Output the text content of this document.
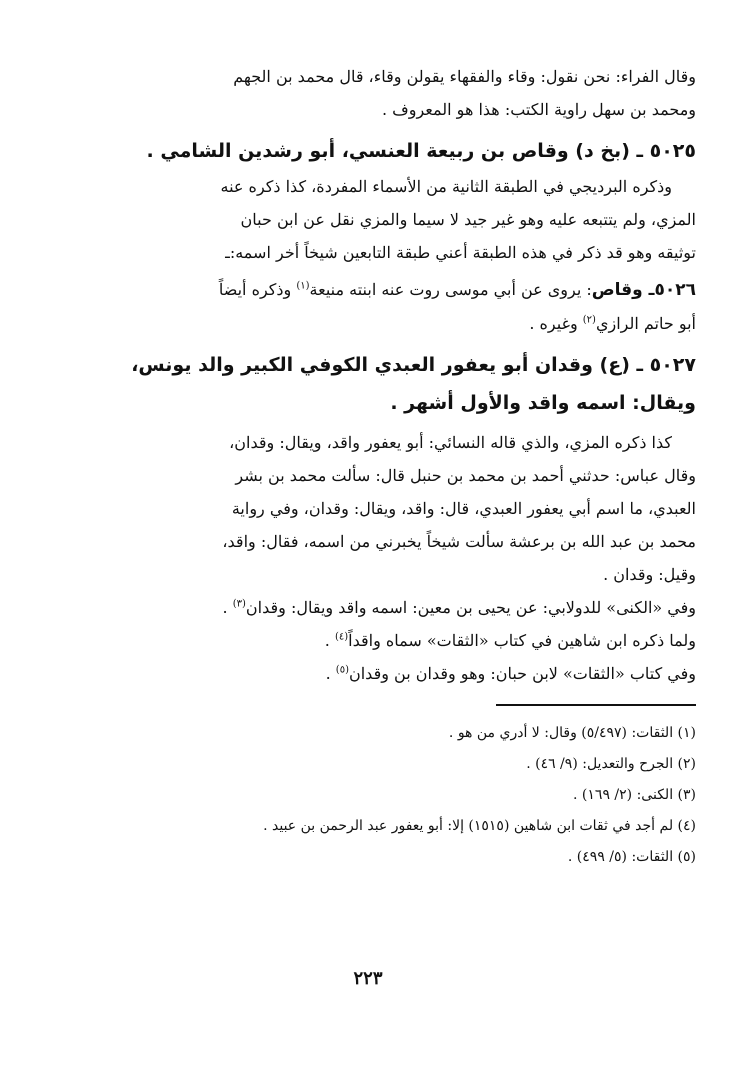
وقال الفراء: نحن نقول: وقاء والفقهاء يقولن وقاء، قال محمد بن الجهم
ومحمد بن سهل راوية الكتب: هذا هو المعروف .

٥٠٢٥ ـ (بخ د) وقاص بن ربيعة العنسي، أبو رشدين الشامي .

وذكره البرديجي في الطبقة الثانية من الأسماء المفردة، كذا ذكره عنه
المزي، ولم يتتبعه عليه وهو غير جيد لا سيما والمزي نقل عن ابن حبان
توثيقه وهو قد ذكر في هذه الطبقة أعني طبقة التابعين شيخاً أخر اسمه:ـ

٥٠٢٦ـ وقاص: يروى عن أبي موسى روت عنه ابنته منيعة$^{(١)}$ وذكره أيضاً
أبو حاتم الرازي$^{(٢)}$ وغيره .

٥٠٢٧ ـ (ع) وقدان أبو يعفور العبدي الكوفي الكبير والد يونس،
ويقال: اسمه واقد والأول أشهر .

كذا ذكره المزي، والذي قاله النسائي: أبو يعفور واقد، ويقال: وقدان،
وقال عباس: حدثني أحمد بن محمد بن حنبل قال: سألت محمد بن بشر
العبدي، ما اسم أبي يعفور العبدي، قال: واقد، ويقال: وقدان، وفي رواية
محمد بن عبد الله بن برعشة سألت شيخاً يخبرني من اسمه، فقال: واقد،
وقيل: وقدان .

وفي «الكنى» للدولابي: عن يحيى بن معين: اسمه واقد ويقال: وقدان$^{(٣)}$ .

ولما ذكره ابن شاهين في كتاب «الثقات» سماه واقداً$^{(٤)}$ .

وفي كتاب «الثقات» لابن حبان: وهو وقدان بن وقدان$^{(٥)}$ .

(١) الثقات: (٥/٤٩٧) وقال: لا أدري من هو .

(٢) الجرح والتعديل: (٩/ ٤٦) .

(٣) الكنى: (٢/ ١٦٩) .

(٤) لم أجد في ثقات ابن شاهين (١٥١٥) إلا: أبو يعفور عبد الرحمن بن عبيد .

(٥) الثقات: (٥/ ٤٩٩) .

٢٢٣
